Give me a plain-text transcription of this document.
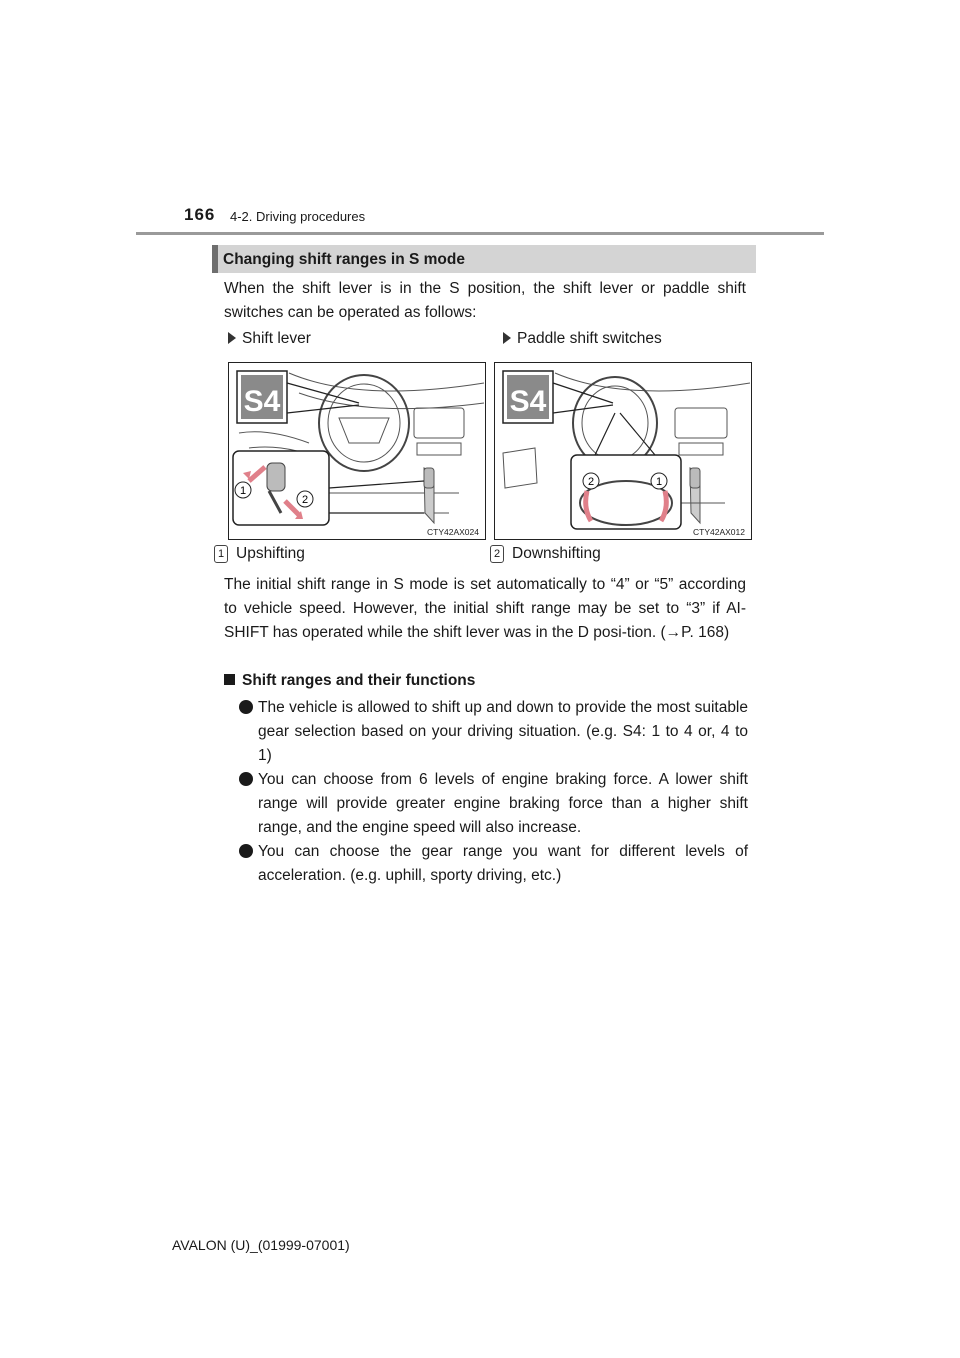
166 4-2. Driving procedures
Changing shift ranges in S mode
When the shift lever is in the S position, the shift lever or paddle shift switches can be operated as follows:
Shift lever	Paddle shift switches
S4
1
2
CTY42AX024
S4
2	1
CTY42AX012
1 Upshifting	2 Downshifting
The initial shift range in S mode is set automatically to “4” or “5” according to vehicle speed. However, the initial shift range may be set to “3” if AI-SHIFT has operated while the shift lever was in the D posi-tion. (→P. 168)
Shift ranges and their functions
The vehicle is allowed to shift up and down to provide the most suitable gear selection based on your driving situation. (e.g. S4: 1 to 4 or, 4 to 1)
You can choose from 6 levels of engine braking force. A lower shift range will provide greater engine braking force than a higher shift range, and the engine speed will also increase.
You can choose the gear range you want for different levels of acceleration. (e.g. uphill, sporty driving, etc.)
AVALON (U)_(01999-07001)
